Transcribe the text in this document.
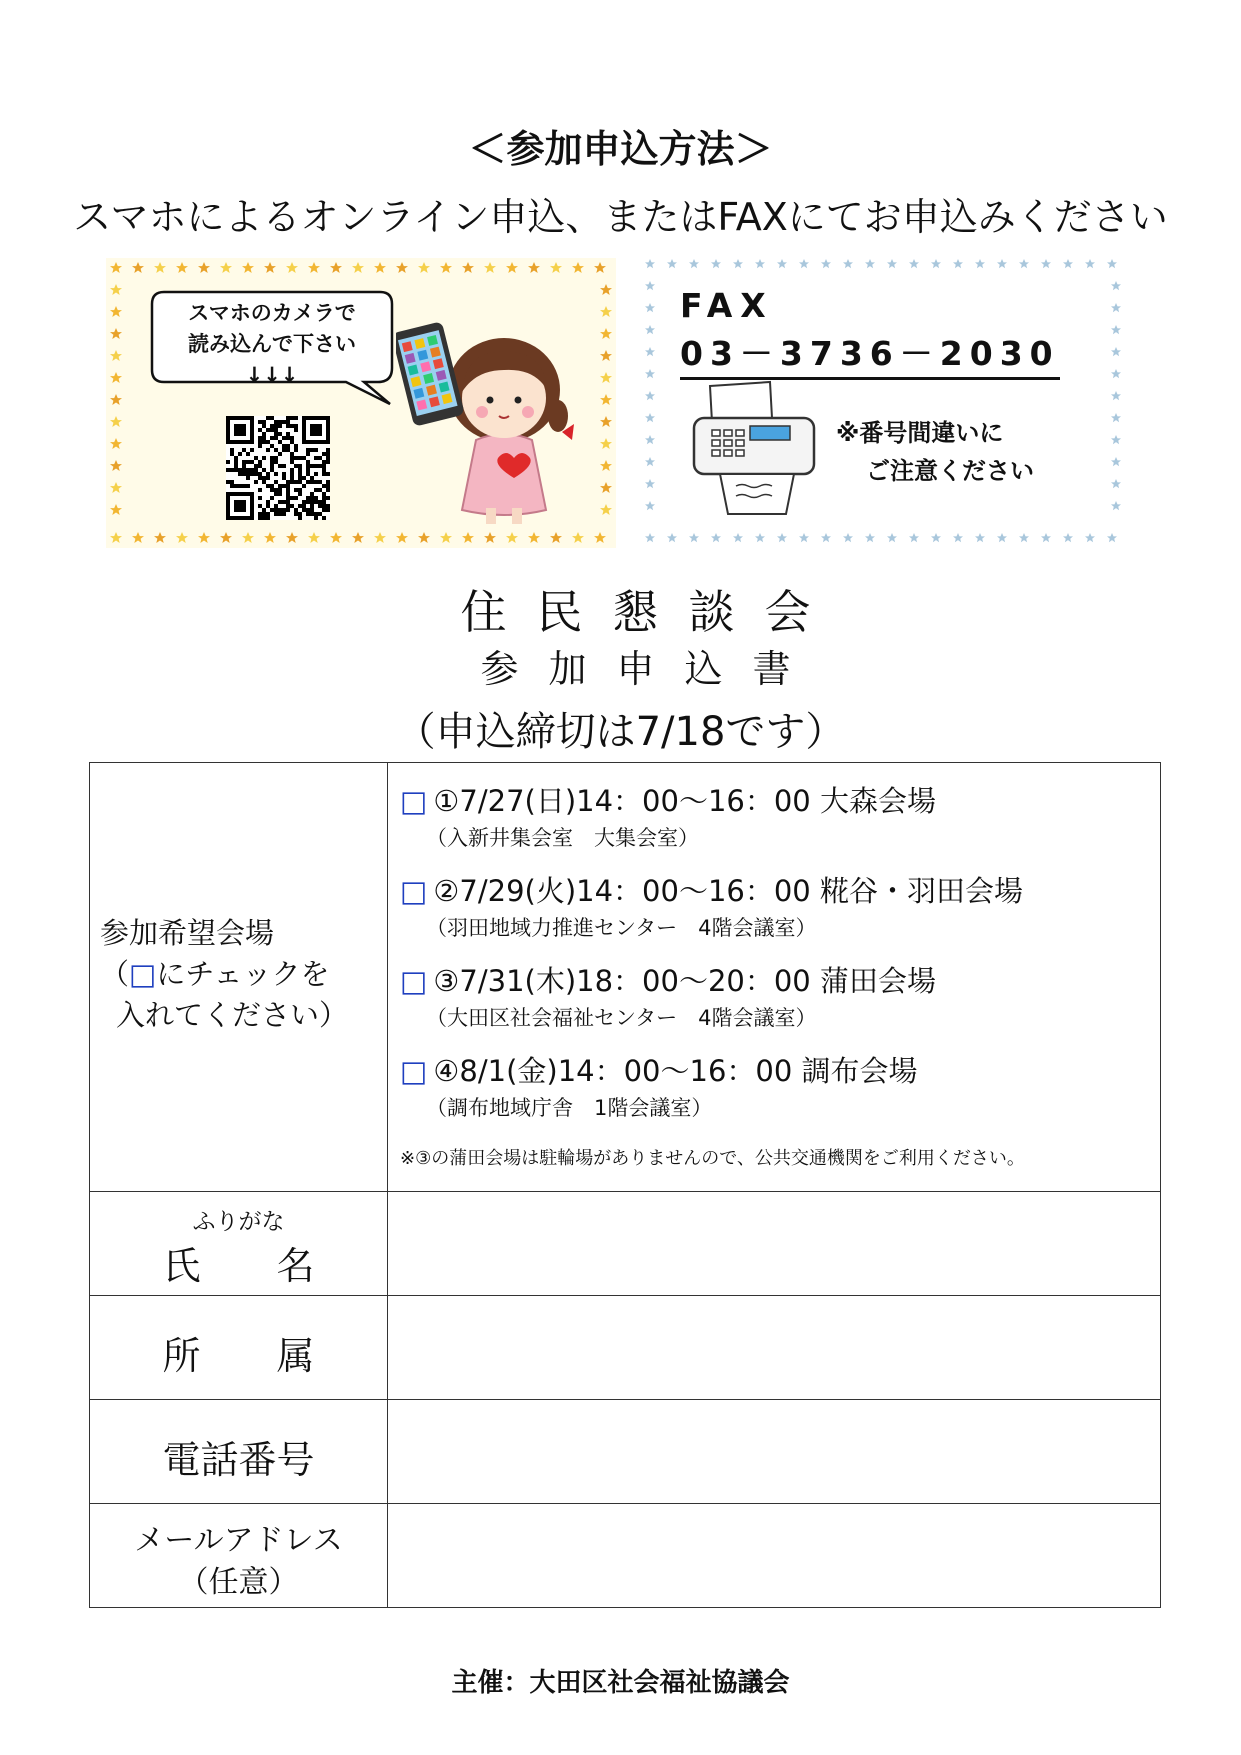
＜参加申込方法＞
スマホによるオンライン申込、またはFAXにてお申込みください
スマホのカメラで
読み込んで下さい
↓↓↓
FAX
03－3736－2030
※番号間違いに
ご注意ください
住民懇談会
参加申込書
（申込締切は7/18です）
参加希望会場
（□にチェックを
入れてください）
□ ①7/27(日)14：00～16：00 大森会場
（入新井集会室　大集会室）
□ ②7/29(火)14：00～16：00 糀谷・羽田会場
（羽田地域力推進センター　4階会議室）
□ ③7/31(木)18：00～20：00 蒲田会場
（大田区社会福祉センター　4階会議室）
□ ④8/1(金)14：00～16：00 調布会場
（調布地域庁舎　1階会議室）
※③の蒲田会場は駐輪場がありませんので、公共交通機関をご利用ください。
ふりがな
氏　　名
所　　属
電話番号
メールアドレス
（任意）
主催：大田区社会福祉協議会
